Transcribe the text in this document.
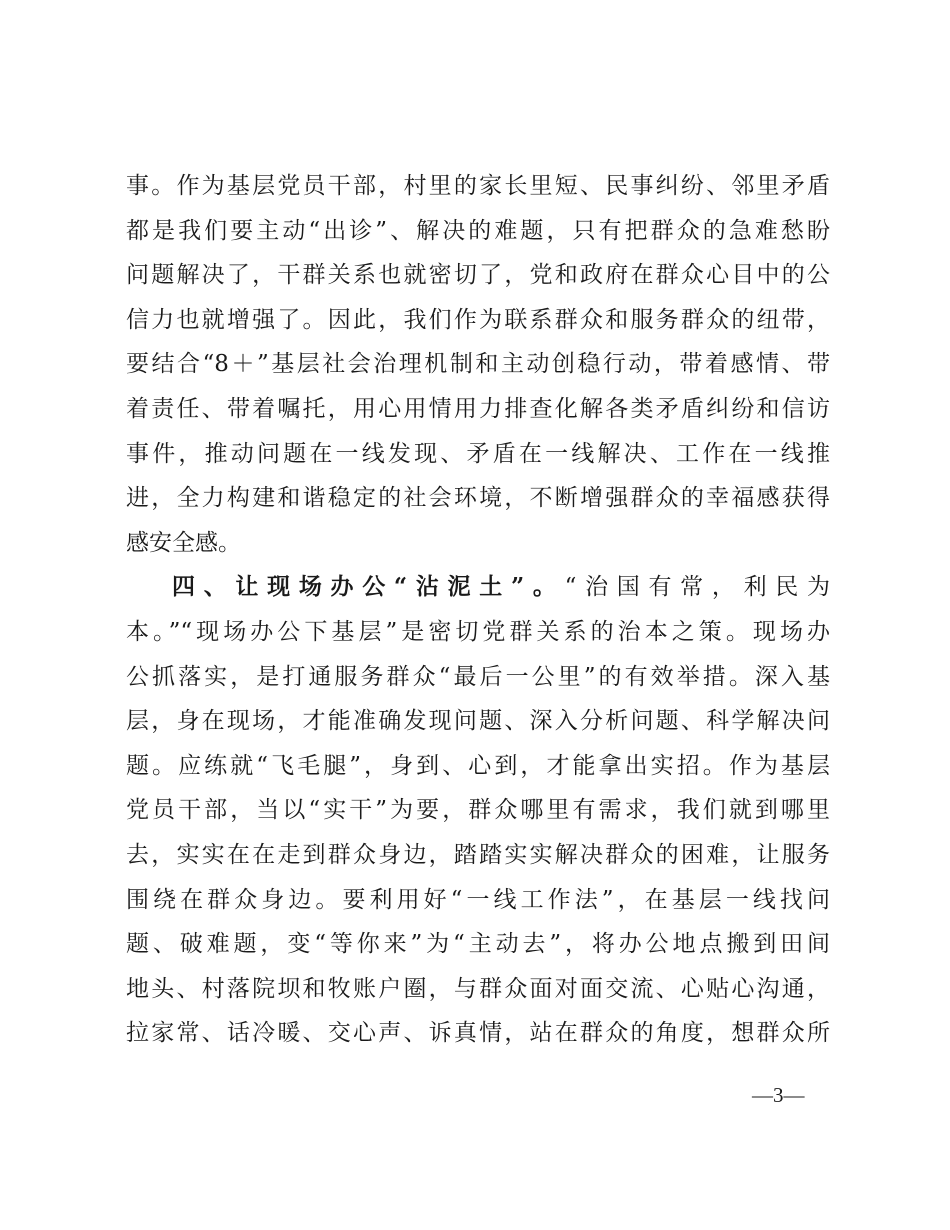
事。作为基层党员干部，村里的家长里短、民事纠纷、邻里矛盾
都是我们要主动“出诊”、解决的难题，只有把群众的急难愁盼
问题解决了，干群关系也就密切了，党和政府在群众心目中的公
信力也就增强了。因此，我们作为联系群众和服务群众的纽带，
要结合“8＋”基层社会治理机制和主动创稳行动，带着感情、带
着责任、带着嘱托，用心用情用力排查化解各类矛盾纠纷和信访
事件，推动问题在一线发现、矛盾在一线解决、工作在一线推
进，全力构建和谐稳定的社会环境，不断增强群众的幸福感获得
感安全感。
四、让现场办公“沾泥土”。“治国有常，利民为
本。”“现场办公下基层”是密切党群关系的治本之策。现场办
公抓落实，是打通服务群众“最后一公里”的有效举措。深入基
层，身在现场，才能准确发现问题、深入分析问题、科学解决问
题。应练就“飞毛腿”，身到、心到，才能拿出实招。作为基层
党员干部，当以“实干”为要，群众哪里有需求，我们就到哪里
去，实实在在走到群众身边，踏踏实实解决群众的困难，让服务
围绕在群众身边。要利用好“一线工作法”，在基层一线找问
题、破难题，变“等你来”为“主动去”，将办公地点搬到田间
地头、村落院坝和牧账户圈，与群众面对面交流、心贴心沟通，
拉家常、话冷暖、交心声、诉真情，站在群众的角度，想群众所
—3—
